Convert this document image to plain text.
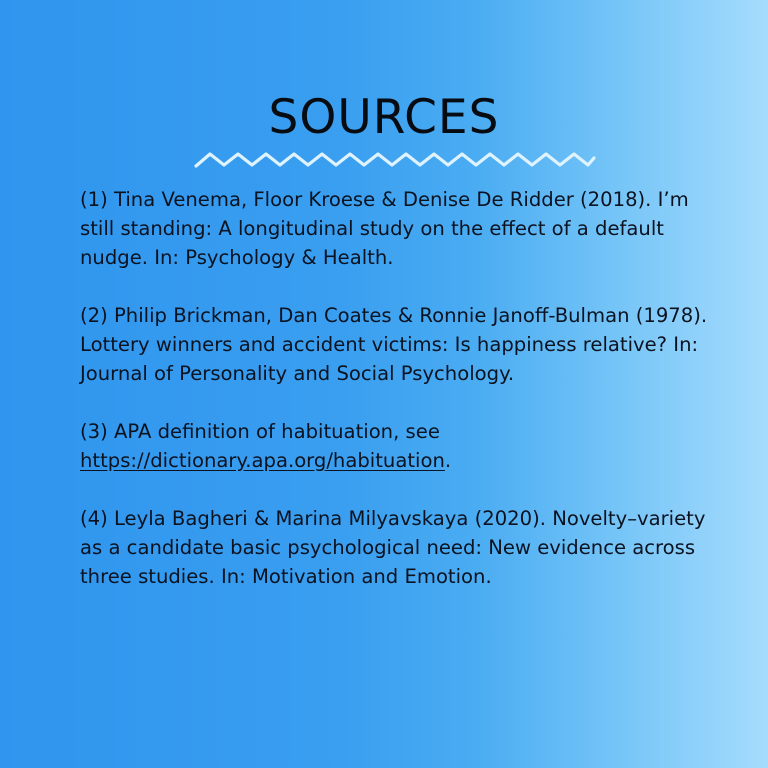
SOURCES

(1) Tina Venema, Floor Kroese & Denise De Ridder (2018). I’m still standing: A longitudinal study on the effect of a default nudge. In: Psychology & Health.

(2) Philip Brickman, Dan Coates & Ronnie Janoff-Bulman (1978). Lottery winners and accident victims: Is happiness relative? In: Journal of Personality and Social Psychology.

(3) APA definition of habituation, see https://dictionary.apa.org/habituation.

(4) Leyla Bagheri & Marina Milyavskaya (2020). Novelty–variety as a candidate basic psychological need: New evidence across three studies. In: Motivation and Emotion.
